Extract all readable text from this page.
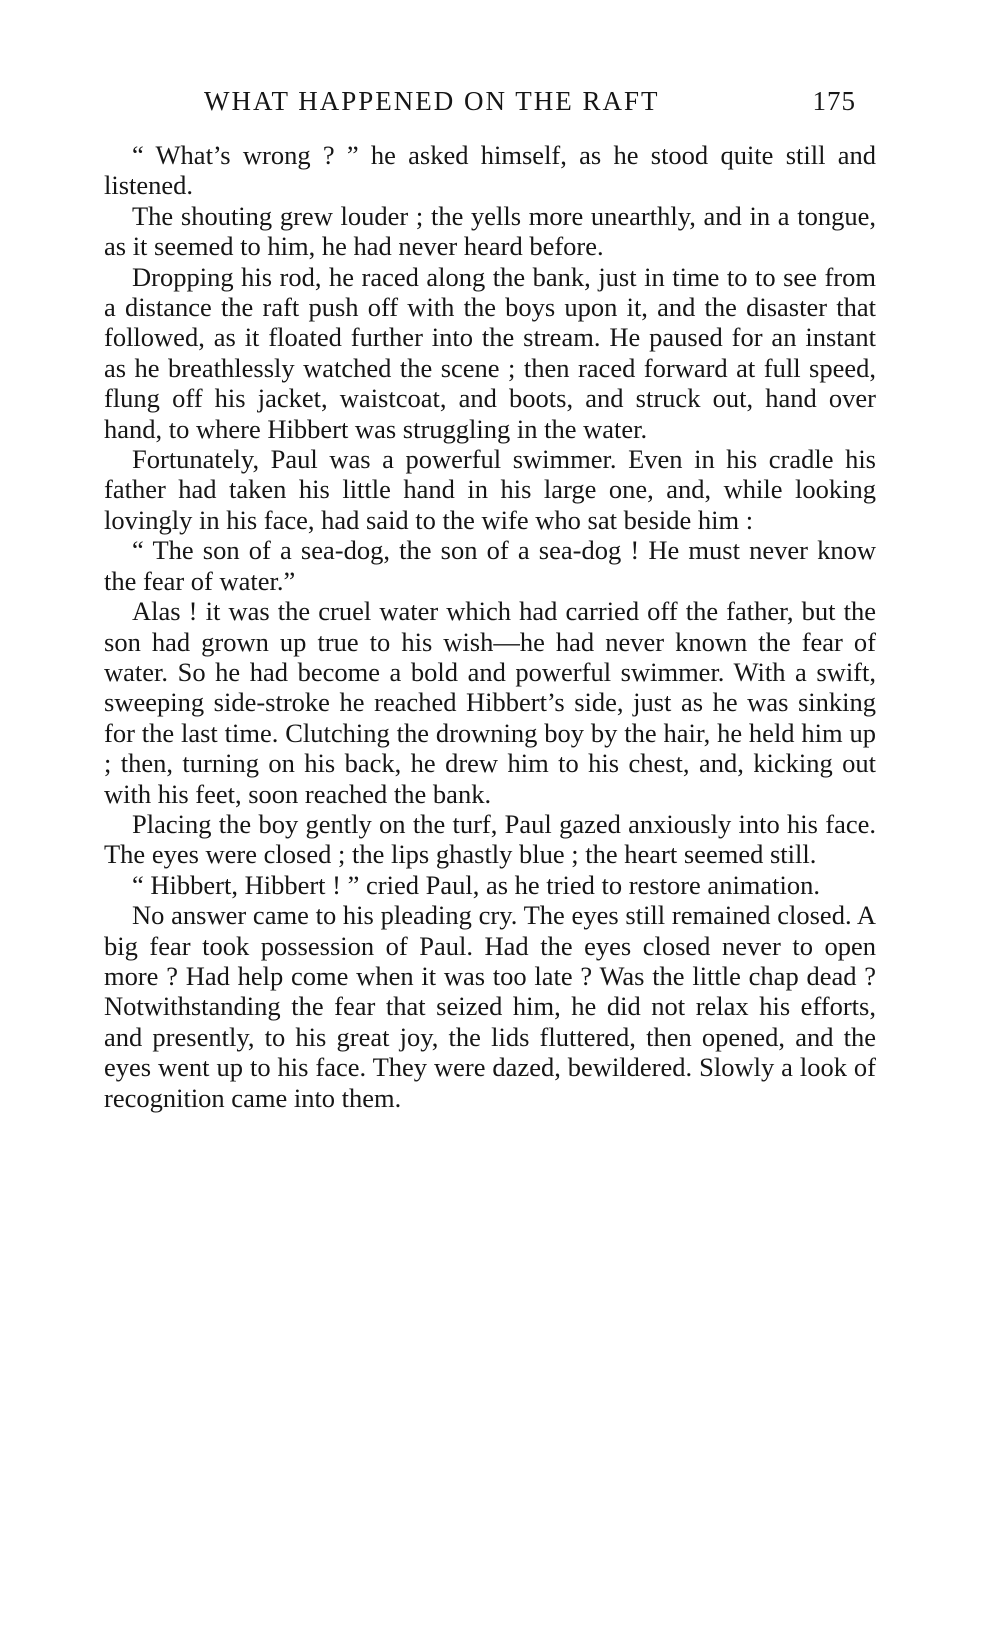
WHAT HAPPENED ON THE RAFT	175

“ What’s wrong ? ” he asked himself, as he stood quite still and listened.

The shouting grew louder ; the yells more unearthly, and in a tongue, as it seemed to him, he had never heard before.

Dropping his rod, he raced along the bank, just in time to to see from a distance the raft push off with the boys upon it, and the disaster that followed, as it floated further into the stream. He paused for an instant as he breathlessly watched the scene ; then raced forward at full speed, flung off his jacket, waistcoat, and boots, and struck out, hand over hand, to where Hibbert was struggling in the water.

Fortunately, Paul was a powerful swimmer. Even in his cradle his father had taken his little hand in his large one, and, while looking lovingly in his face, had said to the wife who sat beside him :

“ The son of a sea-dog, the son of a sea-dog ! He must never know the fear of water.”

Alas ! it was the cruel water which had carried off the father, but the son had grown up true to his wish—he had never known the fear of water. So he had become a bold and powerful swimmer. With a swift, sweeping side-stroke he reached Hibbert’s side, just as he was sinking for the last time. Clutching the drowning boy by the hair, he held him up ; then, turning on his back, he drew him to his chest, and, kicking out with his feet, soon reached the bank.

Placing the boy gently on the turf, Paul gazed anxiously into his face. The eyes were closed ; the lips ghastly blue ; the heart seemed still.

“ Hibbert, Hibbert ! ” cried Paul, as he tried to restore animation.

No answer came to his pleading cry. The eyes still remained closed. A big fear took possession of Paul. Had the eyes closed never to open more ? Had help come when it was too late ? Was the little chap dead ? Notwithstanding the fear that seized him, he did not relax his efforts, and presently, to his great joy, the lids fluttered, then opened, and the eyes went up to his face. They were dazed, bewildered. Slowly a look of recognition came into them.
